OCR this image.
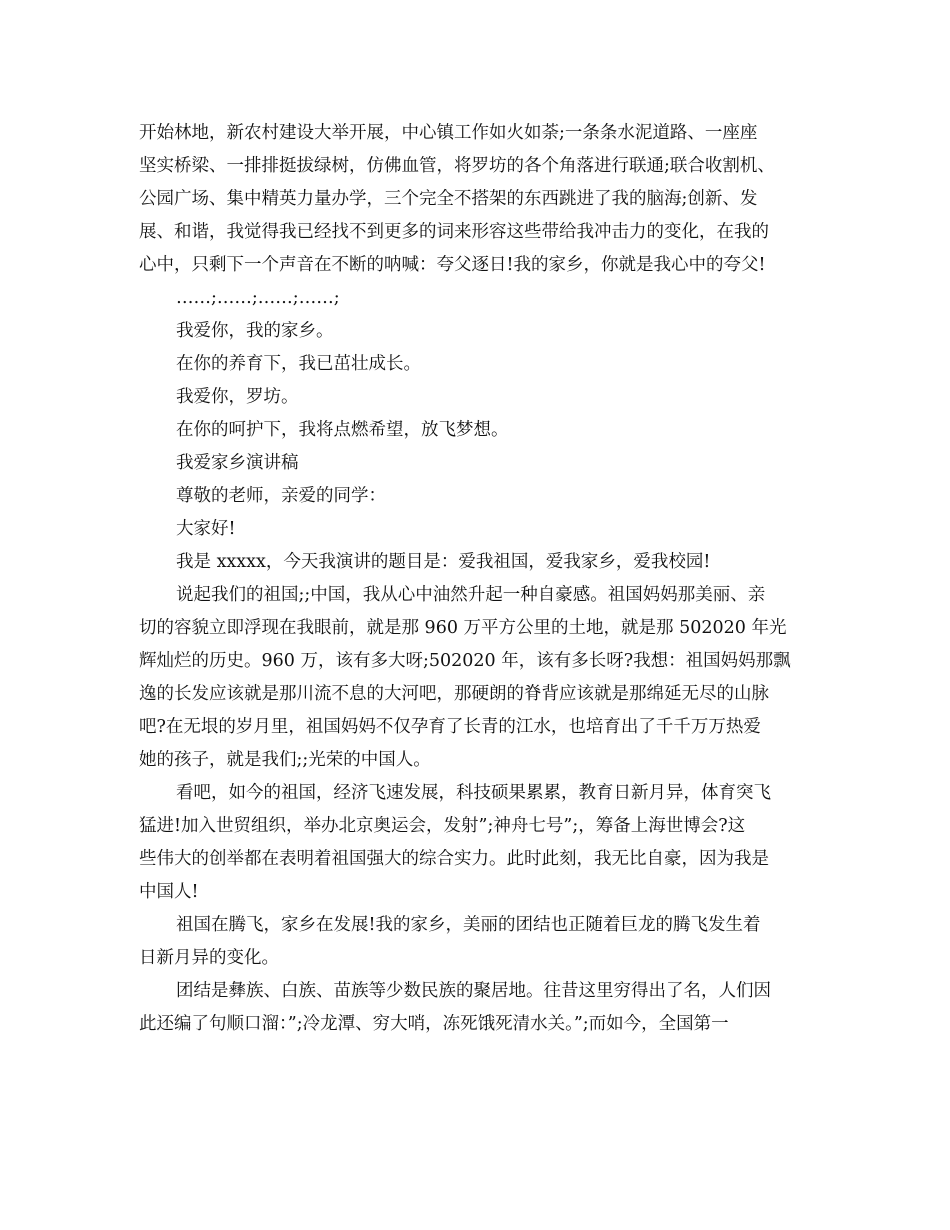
开始林地，新农村建设大举开展，中心镇工作如火如荼;一条条水泥道路、一座座
坚实桥梁、一排排挺拔绿树，仿佛血管，将罗坊的各个角落进行联通;联合收割机、
公园广场、集中精英力量办学，三个完全不搭架的东西跳进了我的脑海;创新、发
展、和谐，我觉得我已经找不到更多的词来形容这些带给我冲击力的变化，在我的
心中，只剩下一个声音在不断的呐喊：夸父逐日!我的家乡，你就是我心中的夸父!
……;……;……;……;
我爱你，我的家乡。
在你的养育下，我已茁壮成长。
我爱你，罗坊。
在你的呵护下，我将点燃希望，放飞梦想。
我爱家乡演讲稿
尊敬的老师，亲爱的同学：
大家好!
我是 xxxxx，今天我演讲的题目是：爱我祖国，爱我家乡，爱我校园!
说起我们的祖国;;中国，我从心中油然升起一种自豪感。祖国妈妈那美丽、亲
切的容貌立即浮现在我眼前，就是那 960 万平方公里的土地，就是那 502020 年光
辉灿烂的历史。960 万，该有多大呀;502020 年，该有多长呀?我想：祖国妈妈那飘
逸的长发应该就是那川流不息的大河吧，那硬朗的脊背应该就是那绵延无尽的山脉
吧?在无垠的岁月里，祖国妈妈不仅孕育了长青的江水，也培育出了千千万万热爱
她的孩子，就是我们;;光荣的中国人。
看吧，如今的祖国，经济飞速发展，科技硕果累累，教育日新月异，体育突飞
猛进!加入世贸组织，举办北京奥运会，发射”;神舟七号”;，筹备上海世博会?这
些伟大的创举都在表明着祖国强大的综合实力。此时此刻，我无比自豪，因为我是
中国人!
祖国在腾飞，家乡在发展!我的家乡，美丽的团结也正随着巨龙的腾飞发生着
日新月异的变化。
团结是彝族、白族、苗族等少数民族的聚居地。往昔这里穷得出了名，人们因
此还编了句顺口溜：”;冷龙潭、穷大哨，冻死饿死清水关。”;而如今，全国第一
